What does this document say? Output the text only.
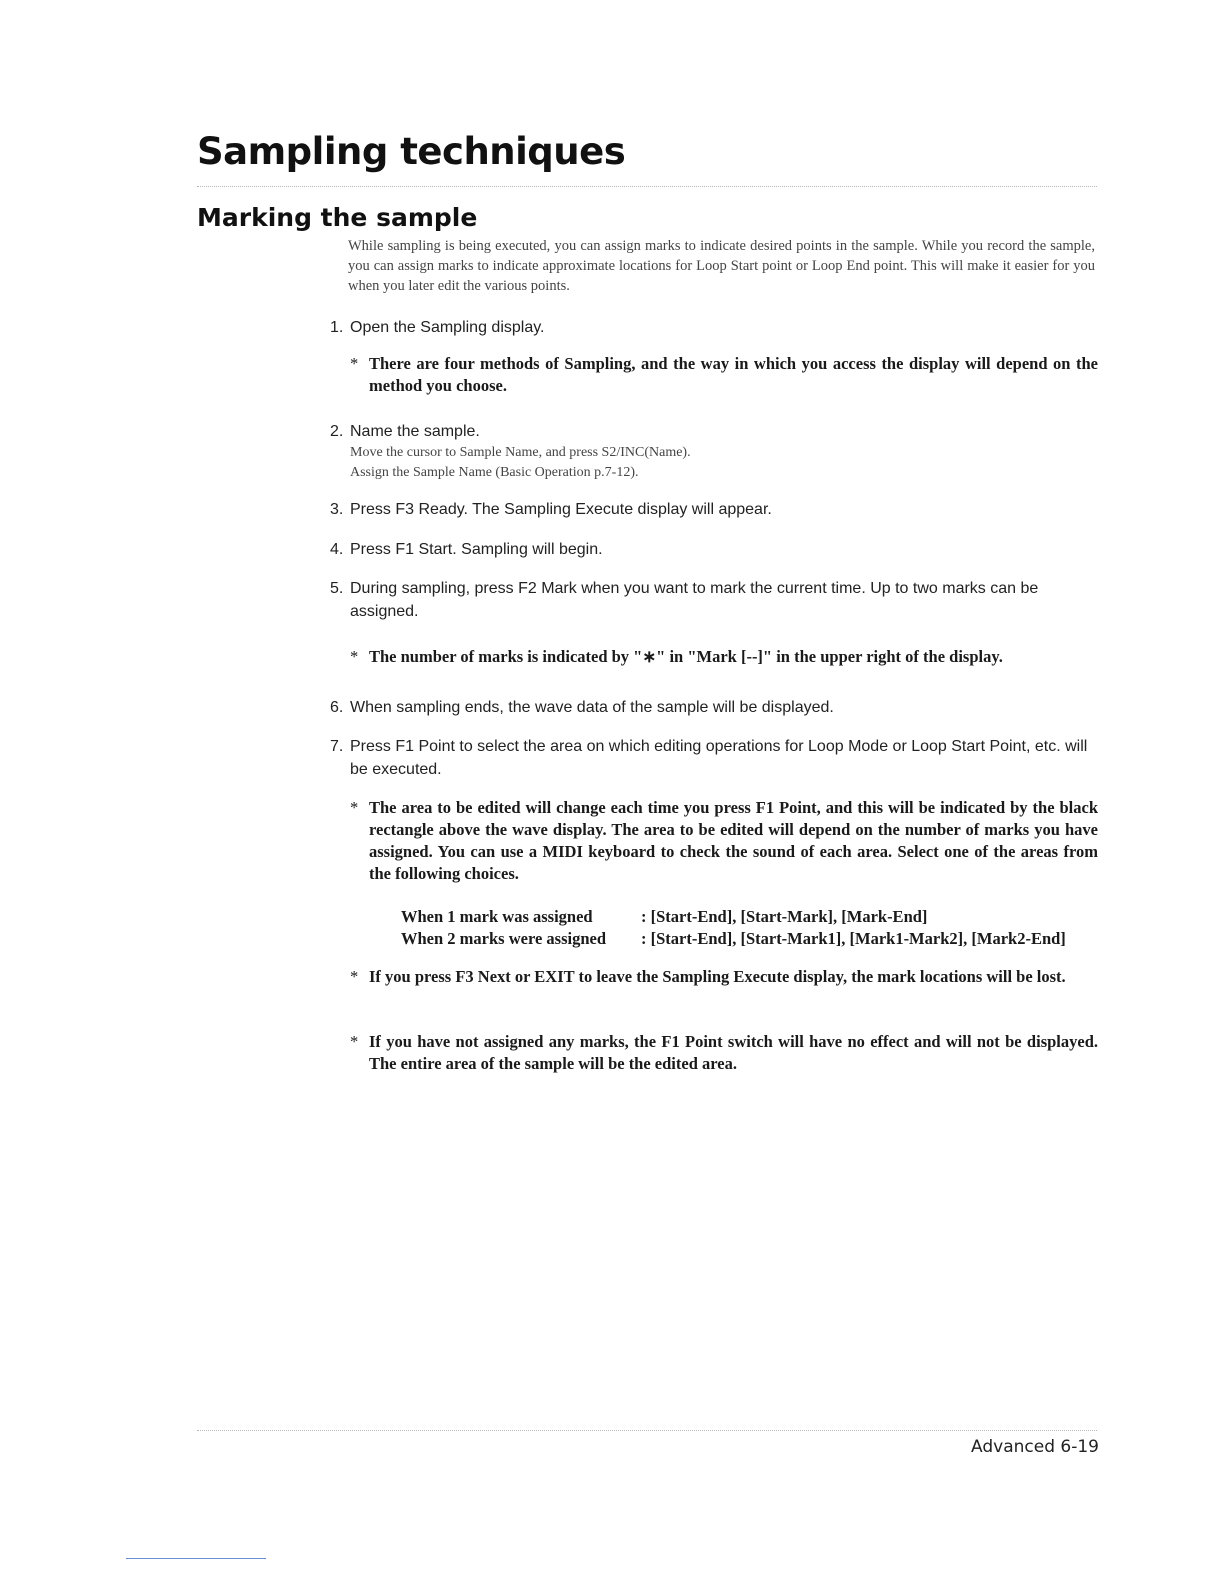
Sampling techniques
Marking the sample
While sampling is being executed, you can assign marks to indicate desired points in the sample. While you record the sample, you can assign marks to indicate approximate locations for Loop Start point or Loop End point. This will make it easier for you when you later edit the various points.
1. Open the Sampling display.
* There are four methods of Sampling, and the way in which you access the display will depend on the method you choose.
2. Name the sample.
Move the cursor to Sample Name, and press S2/INC(Name).
Assign the Sample Name (Basic Operation p.7-12).
3. Press F3 Ready. The Sampling Execute display will appear.
4. Press F1 Start. Sampling will begin.
5. During sampling, press F2 Mark when you want to mark the current time. Up to two marks can be assigned.
* The number of marks is indicated by "∗" in "Mark [--]" in the upper right of the display.
6. When sampling ends, the wave data of the sample will be displayed.
7. Press F1 Point to select the area on which editing operations for Loop Mode or Loop Start Point, etc. will be executed.
* The area to be edited will change each time you press F1 Point, and this will be indicated by the black rectangle above the wave display. The area to be edited will depend on the number of marks you have assigned. You can use a MIDI keyboard to check the sound of each area. Select one of the areas from the following choices.
When 1 mark was assigned	: [Start-End], [Start-Mark], [Mark-End]
When 2 marks were assigned : [Start-End], [Start-Mark1], [Mark1-Mark2], [Mark2-End]
* If you press F3 Next or EXIT to leave the Sampling Execute display, the mark locations will be lost.
* If you have not assigned any marks, the F1 Point switch will have no effect and will not be displayed. The entire area of the sample will be the edited area.
Advanced 6-19
